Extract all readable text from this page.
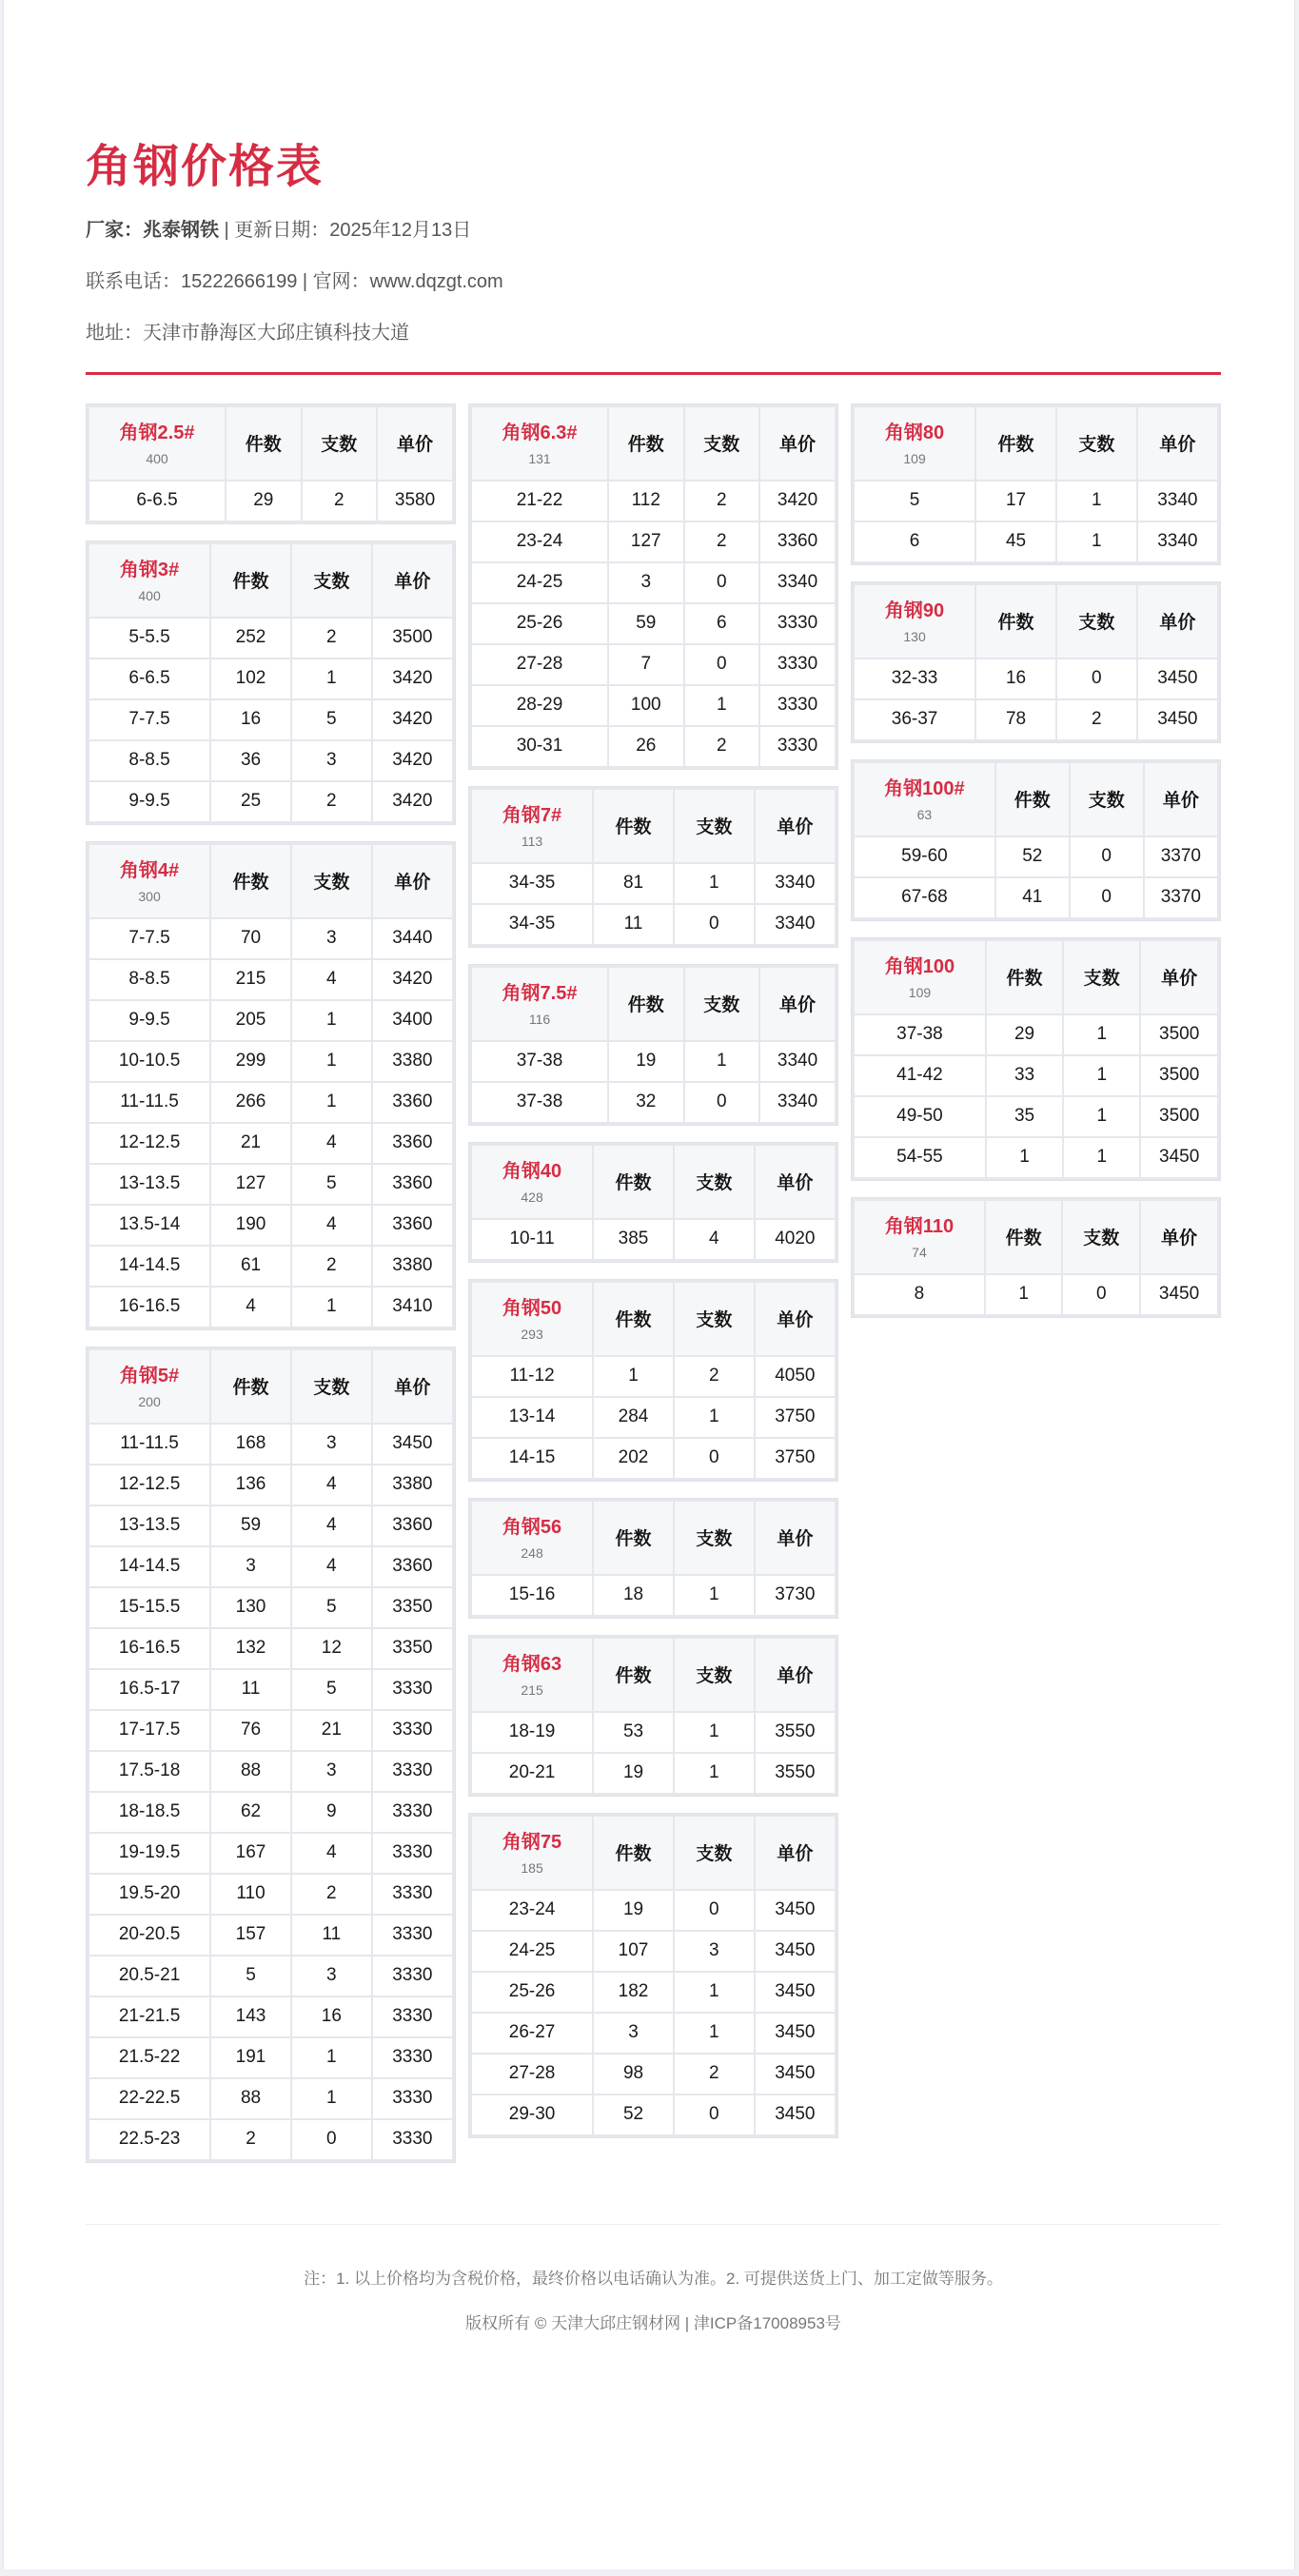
角钢价格表

厂家：兆泰钢铁 | 更新日期：2025年12月13日

联系电话：15222666199 | 官网：www.dqzgt.com

地址：天津市静海区大邱庄镇科技大道

角钢2.5#
400	件数	支数	单价
6-6.5	29	2	3580
角钢3#
400	件数	支数	单价
5-5.5	252	2	3500
6-6.5	102	1	3420
7-7.5	16	5	3420
8-8.5	36	3	3420
9-9.5	25	2	3420
角钢4#
300	件数	支数	单价
7-7.5	70	3	3440
8-8.5	215	4	3420
9-9.5	205	1	3400
10-10.5	299	1	3380
11-11.5	266	1	3360
12-12.5	21	4	3360
13-13.5	127	5	3360
13.5-14	190	4	3360
14-14.5	61	2	3380
16-16.5	4	1	3410
角钢5#
200	件数	支数	单价
11-11.5	168	3	3450
12-12.5	136	4	3380
13-13.5	59	4	3360
14-14.5	3	4	3360
15-15.5	130	5	3350
16-16.5	132	12	3350
16.5-17	11	5	3330
17-17.5	76	21	3330
17.5-18	88	3	3330
18-18.5	62	9	3330
19-19.5	167	4	3330
19.5-20	110	2	3330
20-20.5	157	11	3330
20.5-21	5	3	3330
21-21.5	143	16	3330
21.5-22	191	1	3330
22-22.5	88	1	3330
22.5-23	2	0	3330
角钢6.3#
131	件数	支数	单价
21-22	112	2	3420
23-24	127	2	3360
24-25	3	0	3340
25-26	59	6	3330
27-28	7	0	3330
28-29	100	1	3330
30-31	26	2	3330
角钢7#
113	件数	支数	单价
34-35	81	1	3340
34-35	11	0	3340
角钢7.5#
116	件数	支数	单价
37-38	19	1	3340
37-38	32	0	3340
角钢40
428	件数	支数	单价
10-11	385	4	4020
角钢50
293	件数	支数	单价
11-12	1	2	4050
13-14	284	1	3750
14-15	202	0	3750
角钢56
248	件数	支数	单价
15-16	18	1	3730
角钢63
215	件数	支数	单价
18-19	53	1	3550
20-21	19	1	3550
角钢75
185	件数	支数	单价
23-24	19	0	3450
24-25	107	3	3450
25-26	182	1	3450
26-27	3	1	3450
27-28	98	2	3450
29-30	52	0	3450
角钢80
109	件数	支数	单价
5	17	1	3340
6	45	1	3340
角钢90
130	件数	支数	单价
32-33	16	0	3450
36-37	78	2	3450
角钢100#
63	件数	支数	单价
59-60	52	0	3370
67-68	41	0	3370
角钢100
109	件数	支数	单价
37-38	29	1	3500
41-42	33	1	3500
49-50	35	1	3500
54-55	1	1	3450
角钢110
74	件数	支数	单价
8	1	0	3450

注：1. 以上价格均为含税价格，最终价格以电话确认为准。2. 可提供送货上门、加工定做等服务。

版权所有 © 天津大邱庄钢材网 | 津ICP备17008953号
